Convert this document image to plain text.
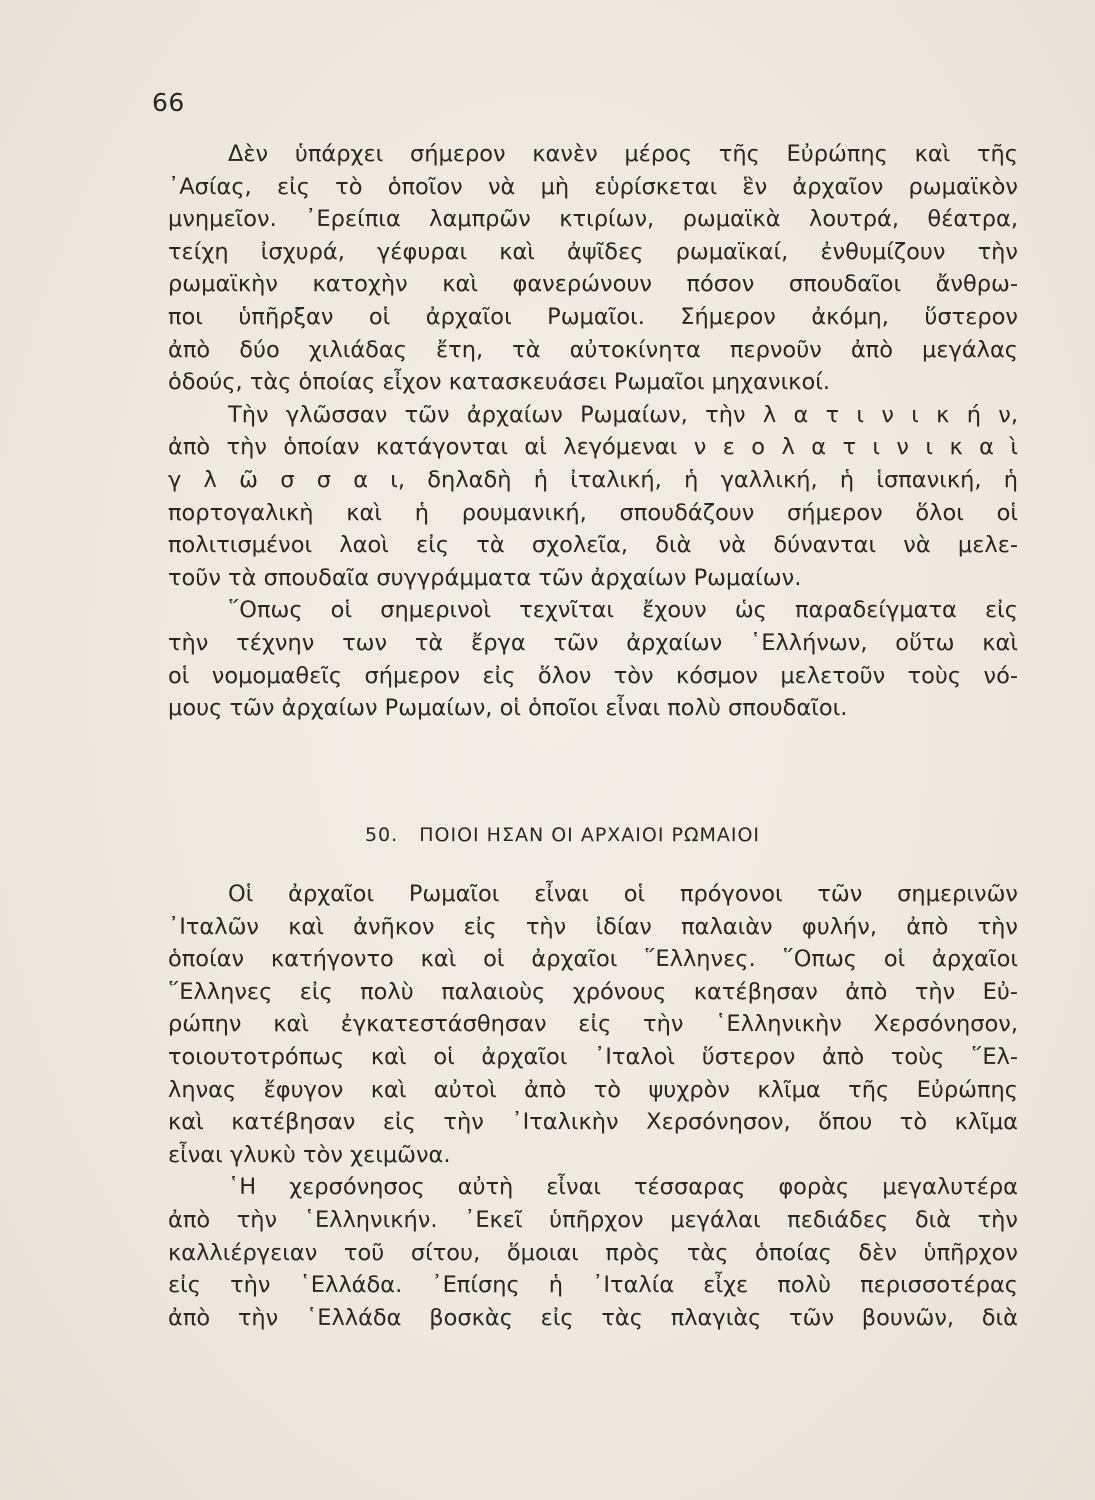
66
Δὲν ὑπάρχει σήμερον κανὲν μέρος τῆς Εὐρώπης καὶ τῆς
᾿Ασίας, εἰς τὸ ὁποῖον νὰ μὴ εὑρίσκεται ἓν ἀρχαῖον ρωμαϊκὸν
μνημεῖον. ᾿Ερείπια λαμπρῶν κτιρίων, ρωμαϊκὰ λουτρά, θέατρα,
τείχη ἰσχυρά, γέφυραι καὶ ἀψῖδες ρωμαϊκαί, ἐνθυμίζουν τὴν
ρωμαϊκὴν κατοχὴν καὶ φανερώνουν πόσον σπουδαῖοι ἄνθρω-
ποι ὑπῆρξαν οἱ ἀρχαῖοι Ρωμαῖοι. Σήμερον ἀκόμη, ὕστερον
ἀπὸ δύο χιλιάδας ἔτη, τὰ αὐτοκίνητα περνοῦν ἀπὸ μεγάλας
ὁδούς, τὰς ὁποίας εἶχον κατασκευάσει Ρωμαῖοι μηχανικοί.
Τὴν γλῶσσαν τῶν ἀρχαίων Ρωμαίων, τὴν λ α τ ι ν ι κ ή ν,
ἀπὸ τὴν ὁποίαν κατάγονται αἱ λεγόμεναι ν ε ο λ α τ ι ν ι κ α ὶ
γ λ ῶ σ σ α ι, δηλαδὴ ἡ ἰταλική, ἡ γαλλική, ἡ ἱσπανική, ἡ
πορτογαλικὴ καὶ ἡ ρουμανική, σπουδάζουν σήμερον ὅλοι οἱ
πολιτισμένοι λαοὶ εἰς τὰ σχολεῖα, διὰ νὰ δύνανται νὰ μελε-
τοῦν τὰ σπουδαῖα συγγράμματα τῶν ἀρχαίων Ρωμαίων.
῞Οπως οἱ σημερινοὶ τεχνῖται ἔχουν ὡς παραδείγματα εἰς
τὴν τέχνην των τὰ ἔργα τῶν ἀρχαίων ῾Ελλήνων, οὕτω καὶ
οἱ νομομαθεῖς σήμερον εἰς ὅλον τὸν κόσμον μελετοῦν τοὺς νό-
μους τῶν ἀρχαίων Ρωμαίων, οἱ ὁποῖοι εἶναι πολὺ σπουδαῖοι.
50. ΠΟΙΟΙ ΗΣΑΝ ΟΙ ΑΡΧΑΙΟΙ ΡΩΜΑΙΟΙ
Οἱ ἀρχαῖοι Ρωμαῖοι εἶναι οἱ πρόγονοι τῶν σημερινῶν
᾿Ιταλῶν καὶ ἀνῆκον εἰς τὴν ἰδίαν παλαιὰν φυλήν, ἀπὸ τὴν
ὁποίαν κατήγοντο καὶ οἱ ἀρχαῖοι ῞Ελληνες. ῞Οπως οἱ ἀρχαῖοι
῞Ελληνες εἰς πολὺ παλαιοὺς χρόνους κατέβησαν ἀπὸ τὴν Εὐ-
ρώπην καὶ ἐγκατεστάσθησαν εἰς τὴν ῾Ελληνικὴν Χερσόνησον,
τοιουτοτρόπως καὶ οἱ ἀρχαῖοι ᾿Ιταλοὶ ὕστερον ἀπὸ τοὺς ῞Ελ-
ληνας ἔφυγον καὶ αὐτοὶ ἀπὸ τὸ ψυχρὸν κλῖμα τῆς Εὐρώπης
καὶ κατέβησαν εἰς τὴν ᾿Ιταλικὴν Χερσόνησον, ὅπου τὸ κλῖμα
εἶναι γλυκὺ τὸν χειμῶνα.
῾Η χερσόνησος αὐτὴ εἶναι τέσσαρας φορὰς μεγαλυτέρα
ἀπὸ τὴν ῾Ελληνικήν. ᾿Εκεῖ ὑπῆρχον μεγάλαι πεδιάδες διὰ τὴν
καλλιέργειαν τοῦ σίτου, ὅμοιαι πρὸς τὰς ὁποίας δὲν ὑπῆρχον
εἰς τὴν ῾Ελλάδα. ᾿Επίσης ἡ ᾿Ιταλία εἶχε πολὺ περισσοτέρας
ἀπὸ τὴν ῾Ελλάδα βοσκὰς εἰς τὰς πλαγιὰς τῶν βουνῶν, διὰ
